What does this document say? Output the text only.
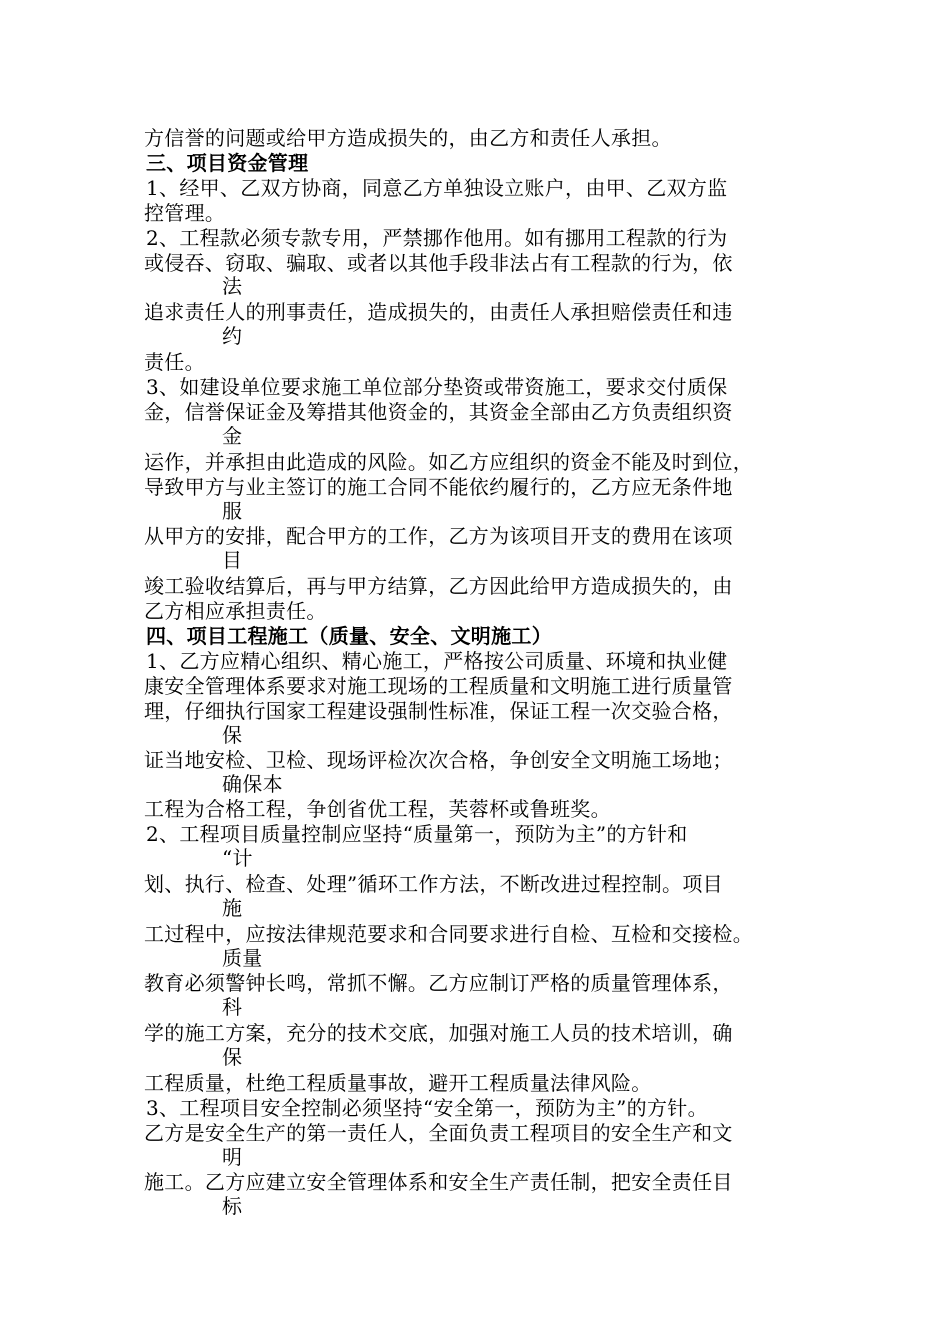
方信誉的问题或给甲方造成损失的，由乙方和责任人承担。
三、项目资金管理
1、经甲、乙双方协商，同意乙方单独设立账户，由甲、乙双方监
控管理。
2、工程款必须专款专用，严禁挪作他用。如有挪用工程款的行为
或侵吞、窃取、骗取、或者以其他手段非法占有工程款的行为，依
法
追求责任人的刑事责任，造成损失的，由责任人承担赔偿责任和违
约
责任。
3、如建设单位要求施工单位部分垫资或带资施工，要求交付质保
金，信誉保证金及筹措其他资金的，其资金全部由乙方负责组织资
金
运作，并承担由此造成的风险。如乙方应组织的资金不能及时到位，
导致甲方与业主签订的施工合同不能依约履行的，乙方应无条件地
服
从甲方的安排，配合甲方的工作，乙方为该项目开支的费用在该项
目
竣工验收结算后，再与甲方结算，乙方因此给甲方造成损失的，由
乙方相应承担责任。
四、项目工程施工（质量、安全、文明施工）
1、乙方应精心组织、精心施工，严格按公司质量、环境和执业健
康安全管理体系要求对施工现场的工程质量和文明施工进行质量管
理，仔细执行国家工程建设强制性标准，保证工程一次交验合格，
保
证当地安检、卫检、现场评检次次合格，争创安全文明施工场地；
确保本
工程为合格工程，争创省优工程，芙蓉杯或鲁班奖。
2、工程项目质量控制应坚持“质量第一，预防为主”的方针和
“计
划、执行、检查、处理”循环工作方法，不断改进过程控制。项目
施
工过程中，应按法律规范要求和合同要求进行自检、互检和交接检。
质量
教育必须警钟长鸣，常抓不懈。乙方应制订严格的质量管理体系，
科
学的施工方案，充分的技术交底，加强对施工人员的技术培训，确
保
工程质量，杜绝工程质量事故，避开工程质量法律风险。
3、工程项目安全控制必须坚持“安全第一，预防为主”的方针。
乙方是安全生产的第一责任人，全面负责工程项目的安全生产和文
明
施工。乙方应建立安全管理体系和安全生产责任制，把安全责任目
标
